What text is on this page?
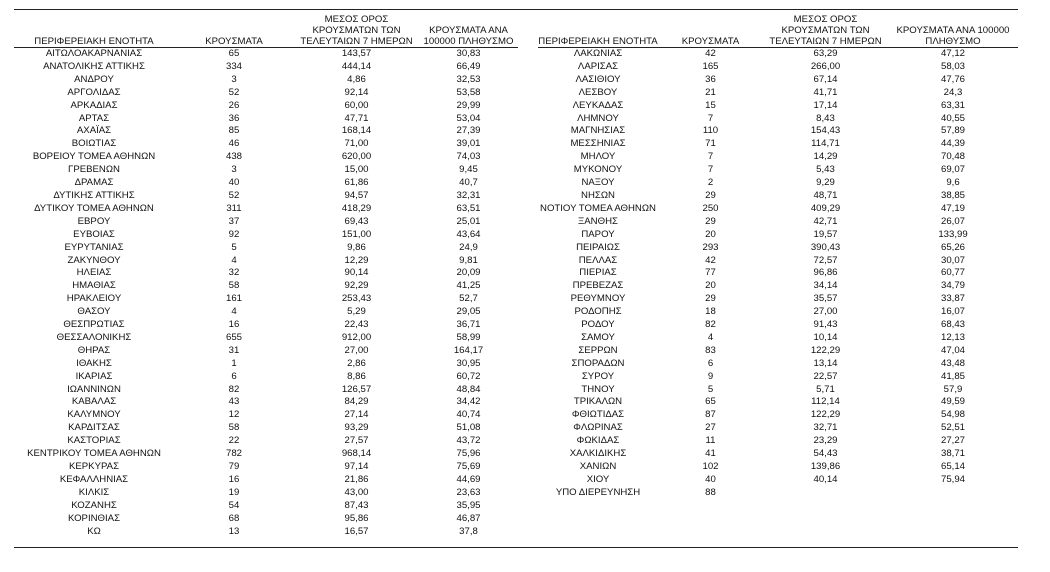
ΠΕΡΙΦΕΡΕΙΑΚΗ ΕΝΟΤΗΤΑ	ΚΡΟΥΣΜΑΤΑ	ΜΕΣΟΣ ΟΡΟΣ ΚΡΟΥΣΜΑΤΩΝ ΤΩΝ ΤΕΛΕΥΤΑΙΩΝ 7 ΗΜΕΡΩΝ	ΚΡΟΥΣΜΑΤΑ ΑΝΑ 100000 ΠΛΗΘΥΣΜΟ
ΑΙΤΩΛΟΑΚΑΡΝΑΝΙΑΣ	65	143,57	30,83
ΑΝΑΤΟΛΙΚΗΣ ΑΤΤΙΚΗΣ	334	444,14	66,49
ΑΝΔΡΟΥ	3	4,86	32,53
ΑΡΓΟΛΙΔΑΣ	52	92,14	53,58
ΑΡΚΑΔΙΑΣ	26	60,00	29,99
ΑΡΤΑΣ	36	47,71	53,04
ΑΧΑΪΑΣ	85	168,14	27,39
ΒΟΙΩΤΙΑΣ	46	71,00	39,01
ΒΟΡΕΙΟΥ ΤΟΜΕΑ ΑΘΗΝΩΝ	438	620,00	74,03
ΓΡΕΒΕΝΩΝ	3	15,00	9,45
ΔΡΑΜΑΣ	40	61,86	40,7
ΔΥΤΙΚΗΣ ΑΤΤΙΚΗΣ	52	94,57	32,31
ΔΥΤΙΚΟΥ ΤΟΜΕΑ ΑΘΗΝΩΝ	311	418,29	63,51
ΕΒΡΟΥ	37	69,43	25,01
ΕΥΒΟΙΑΣ	92	151,00	43,64
ΕΥΡΥΤΑΝΙΑΣ	5	9,86	24,9
ΖΑΚΥΝΘΟΥ	4	12,29	9,81
ΗΛΕΙΑΣ	32	90,14	20,09
ΗΜΑΘΙΑΣ	58	92,29	41,25
ΗΡΑΚΛΕΙΟΥ	161	253,43	52,7
ΘΑΣΟΥ	4	5,29	29,05
ΘΕΣΠΡΩΤΙΑΣ	16	22,43	36,71
ΘΕΣΣΑΛΟΝΙΚΗΣ	655	912,00	58,99
ΘΗΡΑΣ	31	27,00	164,17
ΙΘΑΚΗΣ	1	2,86	30,95
ΙΚΑΡΙΑΣ	6	8,86	60,72
ΙΩΑΝΝΙΝΩΝ	82	126,57	48,84
ΚΑΒΑΛΑΣ	43	84,29	34,42
ΚΑΛΥΜΝΟΥ	12	27,14	40,74
ΚΑΡΔΙΤΣΑΣ	58	93,29	51,08
ΚΑΣΤΟΡΙΑΣ	22	27,57	43,72
ΚΕΝΤΡΙΚΟΥ ΤΟΜΕΑ ΑΘΗΝΩΝ	782	968,14	75,96
ΚΕΡΚΥΡΑΣ	79	97,14	75,69
ΚΕΦΑΛΛΗΝΙΑΣ	16	21,86	44,69
ΚΙΛΚΙΣ	19	43,00	23,63
ΚΟΖΑΝΗΣ	54	87,43	35,95
ΚΟΡΙΝΘΙΑΣ	68	95,86	46,87
ΚΩ	13	16,57	37,8
ΠΕΡΙΦΕΡΕΙΑΚΗ ΕΝΟΤΗΤΑ	ΚΡΟΥΣΜΑΤΑ	ΜΕΣΟΣ ΟΡΟΣ ΚΡΟΥΣΜΑΤΩΝ ΤΩΝ ΤΕΛΕΥΤΑΙΩΝ 7 ΗΜΕΡΩΝ	ΚΡΟΥΣΜΑΤΑ ΑΝΑ 100000 ΠΛΗΘΥΣΜΟ
ΛΑΚΩΝΙΑΣ	42	63,29	47,12
ΛΑΡΙΣΑΣ	165	266,00	58,03
ΛΑΣΙΘΙΟΥ	36	67,14	47,76
ΛΕΣΒΟΥ	21	41,71	24,3
ΛΕΥΚΑΔΑΣ	15	17,14	63,31
ΛΗΜΝΟΥ	7	8,43	40,55
ΜΑΓΝΗΣΙΑΣ	110	154,43	57,89
ΜΕΣΣΗΝΙΑΣ	71	114,71	44,39
ΜΗΛΟΥ	7	14,29	70,48
ΜΥΚΟΝΟΥ	7	5,43	69,07
ΝΑΞΟΥ	2	9,29	9,6
ΝΗΣΩΝ	29	48,71	38,85
ΝΟΤΙΟΥ ΤΟΜΕΑ ΑΘΗΝΩΝ	250	409,29	47,19
ΞΑΝΘΗΣ	29	42,71	26,07
ΠΑΡΟΥ	20	19,57	133,99
ΠΕΙΡΑΙΩΣ	293	390,43	65,26
ΠΕΛΛΑΣ	42	72,57	30,07
ΠΙΕΡΙΑΣ	77	96,86	60,77
ΠΡΕΒΕΖΑΣ	20	34,14	34,79
ΡΕΘΥΜΝΟΥ	29	35,57	33,87
ΡΟΔΟΠΗΣ	18	27,00	16,07
ΡΟΔΟΥ	82	91,43	68,43
ΣΑΜΟΥ	4	10,14	12,13
ΣΕΡΡΩΝ	83	122,29	47,04
ΣΠΟΡΑΔΩΝ	6	13,14	43,48
ΣΥΡΟΥ	9	22,57	41,85
ΤΗΝΟΥ	5	5,71	57,9
ΤΡΙΚΑΛΩΝ	65	112,14	49,59
ΦΘΙΩΤΙΔΑΣ	87	122,29	54,98
ΦΛΩΡΙΝΑΣ	27	32,71	52,51
ΦΩΚΙΔΑΣ	11	23,29	27,27
ΧΑΛΚΙΔΙΚΗΣ	41	54,43	38,71
ΧΑΝΙΩΝ	102	139,86	65,14
ΧΙΟΥ	40	40,14	75,94
ΥΠΟ ΔΙΕΡΕΥΝΗΣΗ	88		
